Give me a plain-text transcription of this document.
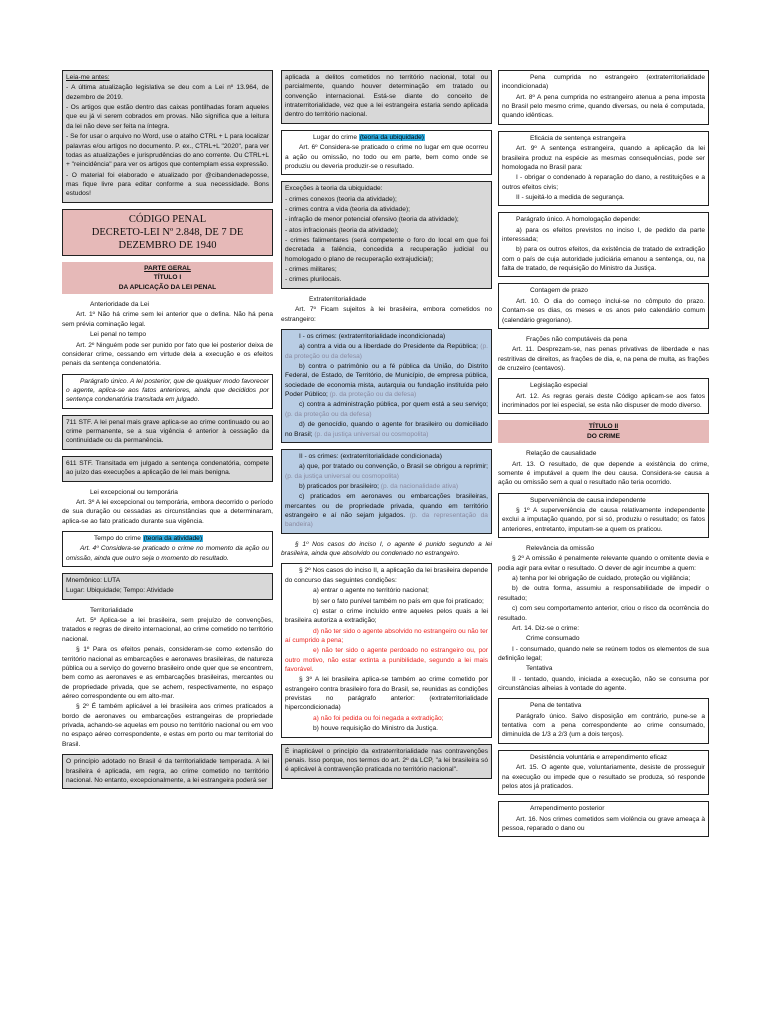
Leia-me antes:

- A última atualização legislativa se deu com a Lei nº 13.964, de dezembro de 2019.

- Os artigos que estão dentro das caixas pontilhadas foram aqueles que eu já vi serem cobrados em provas. Não significa que a leitura da lei não deve ser feita na íntegra.

- Se for usar o arquivo no Word, use o atalho CTRL + L para localizar palavras e/ou artigos no documento. P. ex., CTRL+L "2020", para ver todas as atualizações e jurisprudências do ano corrente. Ou CTRL+L + "reincidência" para ver os artigos que contemplam essa expressão.

- O material foi elaborado e atualizado por @cibandenadeposse, mas fique livre para editar conforme a sua necessidade. Bons estudos!

CÓDIGO PENAL
DECRETO-LEI Nº 2.848, DE 7 DE DEZEMBRO DE 1940
PARTE GERAL
TÍTULO I
DA APLICAÇÃO DA LEI PENAL

Anterioridade da Lei

Art. 1º Não há crime sem lei anterior que o defina. Não há pena sem prévia cominação legal.

Lei penal no tempo

Art. 2º Ninguém pode ser punido por fato que lei posterior deixa de considerar crime, cessando em virtude dela a execução e os efeitos penais da sentença condenatória.

Parágrafo único. A lei posterior, que de qualquer modo favorecer o agente, aplica-se aos fatos anteriores, ainda que decididos por sentença condenatória transitada em julgado.

711 STF. A lei penal mais grave aplica-se ao crime continuado ou ao crime permanente, se a sua vigência é anterior à cessação da continuidade ou da permanência.

611 STF. Transitada em julgado a sentença condenatória, compete ao juízo das execuções a aplicação de lei mais benigna.

Lei excepcional ou temporária

Art. 3º A lei excepcional ou temporária, embora decorrido o período de sua duração ou cessadas as circunstâncias que a determinaram, aplica-se ao fato praticado durante sua vigência.

Tempo do crime (teoria da atividade)

Art. 4º Considera-se praticado o crime no momento da ação ou omissão, ainda que outro seja o momento do resultado.

Mnemônico: LUTA

Lugar: Ubiquidade; Tempo: Atividade

Territorialidade

Art. 5º Aplica-se a lei brasileira, sem prejuízo de convenções, tratados e regras de direito internacional, ao crime cometido no território nacional.

§ 1º Para os efeitos penais, consideram-se como extensão do território nacional as embarcações e aeronaves brasileiras, de natureza pública ou a serviço do governo brasileiro onde quer que se encontrem, bem como as aeronaves e as embarcações brasileiras, mercantes ou de propriedade privada, que se achem, respectivamente, no espaço aéreo correspondente ou em alto-mar.

§ 2º É também aplicável a lei brasileira aos crimes praticados a bordo de aeronaves ou embarcações estrangeiras de propriedade privada, achando-se aquelas em pouso no território nacional ou em voo no espaço aéreo correspondente, e estas em porto ou mar territorial do Brasil.

O princípio adotado no Brasil é da territorialidade temperada. A lei brasileira é aplicada, em regra, ao crime cometido no território nacional. No entanto, excepcionalmente, a lei estrangeira poderá ser

aplicada a delitos cometidos no território nacional, total ou parcialmente, quando houver determinação em tratado ou convenção internacional. Está-se diante do conceito de intraterritorialidade, vez que a lei estrangeira estaria sendo aplicada dentro do território nacional.

Lugar do crime (teoria da ubiquidade)

Art. 6º Considera-se praticado o crime no lugar em que ocorreu a ação ou omissão, no todo ou em parte, bem como onde se produziu ou deveria produzir-se o resultado.

Exceções à teoria da ubiquidade:

- crimes conexos (teoria da atividade);

- crimes contra a vida (teoria da atividade);

- infração de menor potencial ofensivo (teoria da atividade);

- atos infracionais (teoria da atividade);

- crimes falimentares (será competente o foro do local em que foi decretada a falência, concedida a recuperação judicial ou homologado o plano de recuperação extrajudicial);

- crimes militares;

- crimes plurilocais.

Extraterritorialidade

Art. 7º Ficam sujeitos à lei brasileira, embora cometidos no estrangeiro:

I - os crimes: (extraterritorialidade incondicionada)

a) contra a vida ou a liberdade do Presidente da República; (p. da proteção ou da defesa)

b) contra o patrimônio ou a fé pública da União, do Distrito Federal, de Estado, de Território, de Município, de empresa pública, sociedade de economia mista, autarquia ou fundação instituída pelo Poder Público; (p. da proteção ou da defesa)

c) contra a administração pública, por quem está a seu serviço; (p. da proteção ou da defesa)

d) de genocídio, quando o agente for brasileiro ou domiciliado no Brasil; (p. da justiça universal ou cosmopolita)

II - os crimes: (extraterritorialidade condicionada)

a) que, por tratado ou convenção, o Brasil se obrigou a reprimir; (p. da justiça universal ou cosmopolita)

b) praticados por brasileiro; (p. da nacionalidade ativa)

c) praticados em aeronaves ou embarcações brasileiras, mercantes ou de propriedade privada, quando em território estrangeiro e aí não sejam julgados. (p. da representação da bandeira)

§ 1º Nos casos do inciso I, o agente é punido segundo a lei brasileira, ainda que absolvido ou condenado no estrangeiro.

§ 2º Nos casos do inciso II, a aplicação da lei brasileira depende do concurso das seguintes condições:

a) entrar o agente no território nacional;

b) ser o fato punível também no país em que foi praticado;

c) estar o crime incluído entre aqueles pelos quais a lei brasileira autoriza a extradição;

d) não ter sido o agente absolvido no estrangeiro ou não ter aí cumprido a pena;

e) não ter sido o agente perdoado no estrangeiro ou, por outro motivo, não estar extinta a punibilidade, segundo a lei mais favorável.

§ 3º A lei brasileira aplica-se também ao crime cometido por estrangeiro contra brasileiro fora do Brasil, se, reunidas as condições previstas no parágrafo anterior: (extraterritorialidade hipercondicionada)

a) não foi pedida ou foi negada a extradição;

b) houve requisição do Ministro da Justiça.

É inaplicável o princípio da extraterritorialidade nas contravenções penais. Isso porque, nos termos do art. 2º da LCP, "a lei brasileira só é aplicável à contravenção praticada no território nacional".

Pena cumprida no estrangeiro (extraterritorialidade incondicionada)

Art. 8º A pena cumprida no estrangeiro atenua a pena imposta no Brasil pelo mesmo crime, quando diversas, ou nela é computada, quando idênticas.

Eficácia de sentença estrangeira

Art. 9º A sentença estrangeira, quando a aplicação da lei brasileira produz na espécie as mesmas consequências, pode ser homologada no Brasil para:

I - obrigar o condenado à reparação do dano, a restituições e a outros efeitos civis;

II - sujeitá-lo a medida de segurança.

Parágrafo único. A homologação depende:

a) para os efeitos previstos no inciso I, de pedido da parte interessada;

b) para os outros efeitos, da existência de tratado de extradição com o país de cuja autoridade judiciária emanou a sentença, ou, na falta de tratado, de requisição do Ministro da Justiça.

Contagem de prazo

Art. 10. O dia do começo inclui-se no cômputo do prazo. Contam-se os dias, os meses e os anos pelo calendário comum (calendário gregoriano).

Frações não computáveis da pena

Art. 11. Desprezam-se, nas penas privativas de liberdade e nas restritivas de direitos, as frações de dia, e, na pena de multa, as frações de cruzeiro (centavos).

Legislação especial

Art. 12. As regras gerais deste Código aplicam-se aos fatos incriminados por lei especial, se esta não dispuser de modo diverso.

TÍTULO II
DO CRIME

Relação de causalidade

Art. 13. O resultado, de que depende a existência do crime, somente é imputável a quem lhe deu causa. Considera-se causa a ação ou omissão sem a qual o resultado não teria ocorrido.

Superveniência de causa independente

§ 1º A superveniência de causa relativamente independente exclui a imputação quando, por si só, produziu o resultado; os fatos anteriores, entretanto, imputam-se a quem os praticou.

Relevância da omissão

§ 2º A omissão é penalmente relevante quando o omitente devia e podia agir para evitar o resultado. O dever de agir incumbe a quem:

a) tenha por lei obrigação de cuidado, proteção ou vigilância;

b) de outra forma, assumiu a responsabilidade de impedir o resultado;

c) com seu comportamento anterior, criou o risco da ocorrência do resultado.

Art. 14. Diz-se o crime:

Crime consumado

I - consumado, quando nele se reúnem todos os elementos de sua definição legal;

Tentativa

II - tentado, quando, iniciada a execução, não se consuma por circunstâncias alheias à vontade do agente.

Pena de tentativa

Parágrafo único. Salvo disposição em contrário, pune-se a tentativa com a pena correspondente ao crime consumado, diminuída de 1/3 a 2/3 (um a dois terços).

Desistência voluntária e arrependimento eficaz

Art. 15. O agente que, voluntariamente, desiste de prosseguir na execução ou impede que o resultado se produza, só responde pelos atos já praticados.

Arrependimento posterior

Art. 16. Nos crimes cometidos sem violência ou grave ameaça à pessoa, reparado o dano ou
